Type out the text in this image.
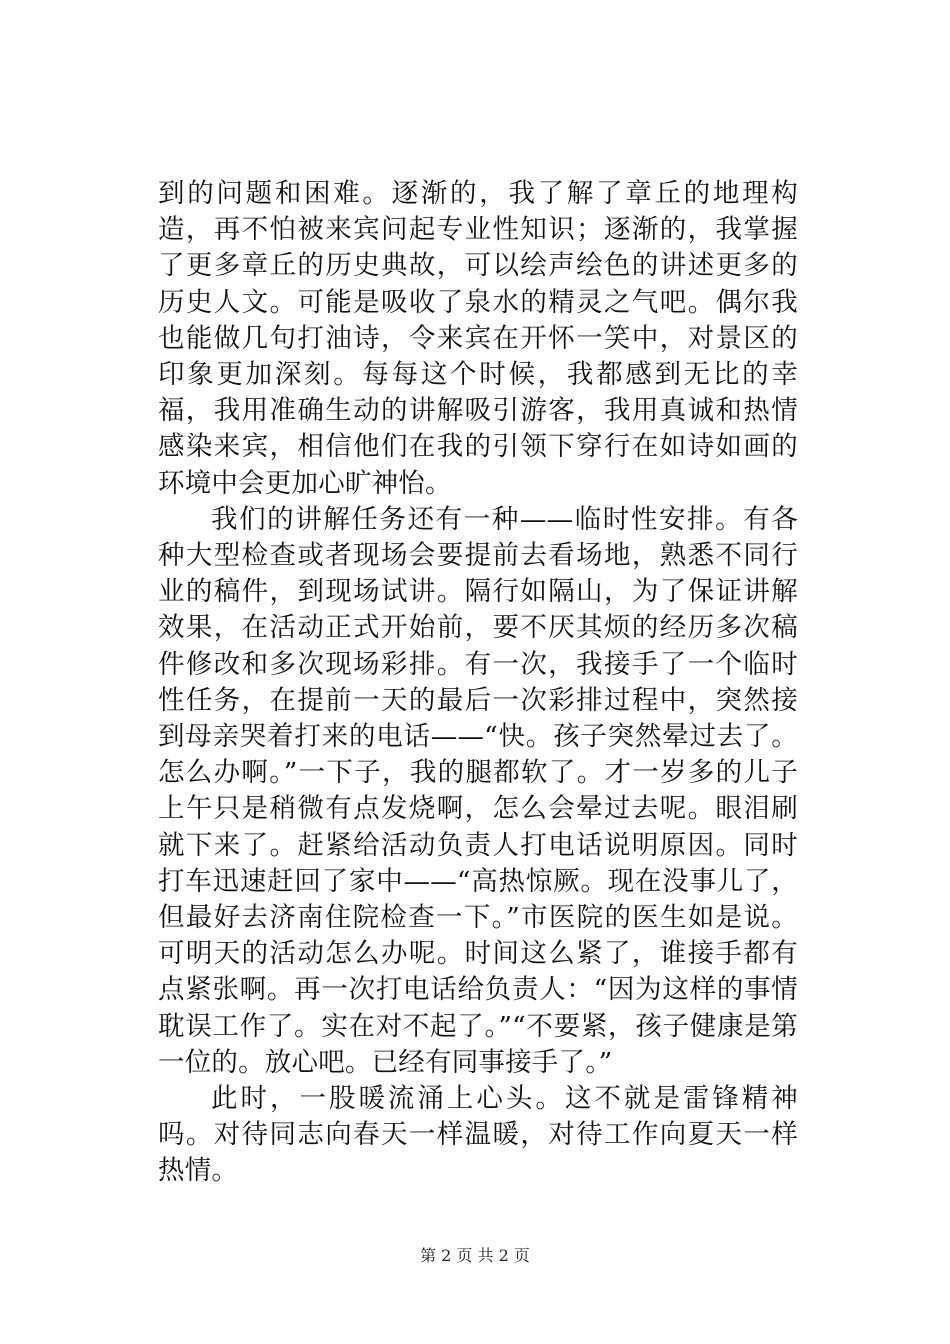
到的问题和困难。逐渐的，我了解了章丘的地理构造，再不怕被来宾问起专业性知识；逐渐的，我掌握了更多章丘的历史典故，可以绘声绘色的讲述更多的历史人文。可能是吸收了泉水的精灵之气吧。偶尔我也能做几句打油诗，令来宾在开怀一笑中，对景区的印象更加深刻。每每这个时候，我都感到无比的幸福，我用准确生动的讲解吸引游客，我用真诚和热情感染来宾，相信他们在我的引领下穿行在如诗如画的环境中会更加心旷神怡。

我们的讲解任务还有一种——临时性安排。有各种大型检查或者现场会要提前去看场地，熟悉不同行业的稿件，到现场试讲。隔行如隔山，为了保证讲解效果，在活动正式开始前，要不厌其烦的经历多次稿件修改和多次现场彩排。有一次，我接手了一个临时性任务，在提前一天的最后一次彩排过程中，突然接到母亲哭着打来的电话——“快。孩子突然晕过去了。怎么办啊。”一下子，我的腿都软了。才一岁多的儿子上午只是稍微有点发烧啊，怎么会晕过去呢。眼泪刷就下来了。赶紧给活动负责人打电话说明原因。同时打车迅速赶回了家中——“高热惊厥。现在没事儿了，但最好去济南住院检查一下。”市医院的医生如是说。可明天的活动怎么办呢。时间这么紧了，谁接手都有点紧张啊。再一次打电话给负责人：“因为这样的事情耽误工作了。实在对不起了。”“不要紧，孩子健康是第一位的。放心吧。已经有同事接手了。”

此时，一股暖流涌上心头。这不就是雷锋精神吗。对待同志向春天一样温暖，对待工作向夏天一样热情。

第 2 页 共 2 页
